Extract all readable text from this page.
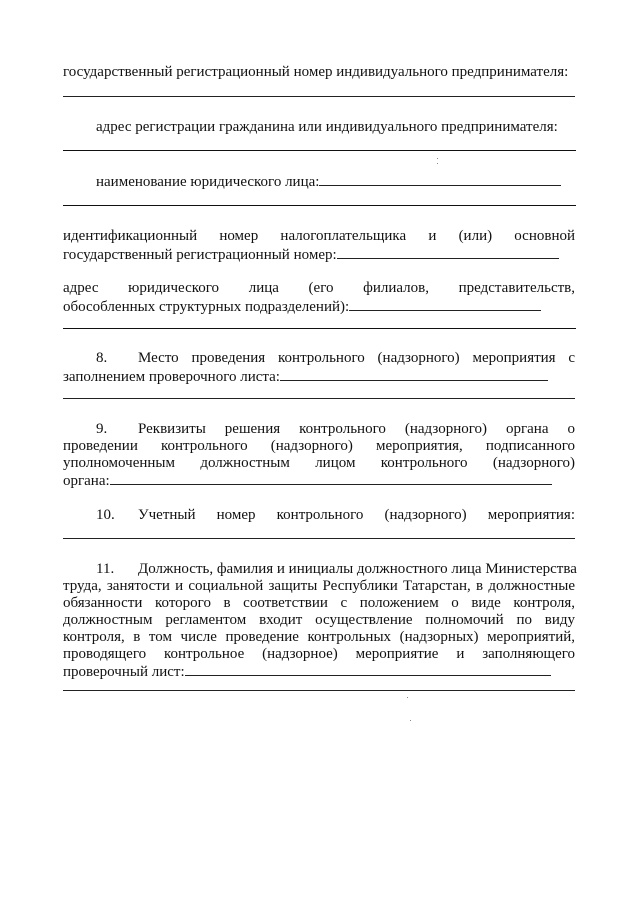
государственный регистрационный номер индивидуального предпринимателя:
адрес регистрации гражданина или индивидуального предпринимателя:
наименование юридического лица:
идентификационный номер налогоплательщика и (или) основной
государственный регистрационный номер:
адрес юридического лица (его филиалов, представительств,
обособленных структурных подразделений):
8. Место проведения контрольного (надзорного) мероприятия с
заполнением проверочного листа:
9. Реквизиты решения контрольного (надзорного) органа о
проведении контрольного (надзорного) мероприятия, подписанного
уполномоченным должностным лицом контрольного (надзорного)
органа:
10. Учетный номер контрольного (надзорного) мероприятия:
11. Должность, фамилия и инициалы должностного лица Министерства
труда, занятости и социальной защиты Республики Татарстан, в должностные
обязанности которого в соответствии с положением о виде контроля,
должностным регламентом входит осуществление полномочий по виду
контроля, в том числе проведение контрольных (надзорных) мероприятий,
проводящего контрольное (надзорное) мероприятие и заполняющего
проверочный лист:
